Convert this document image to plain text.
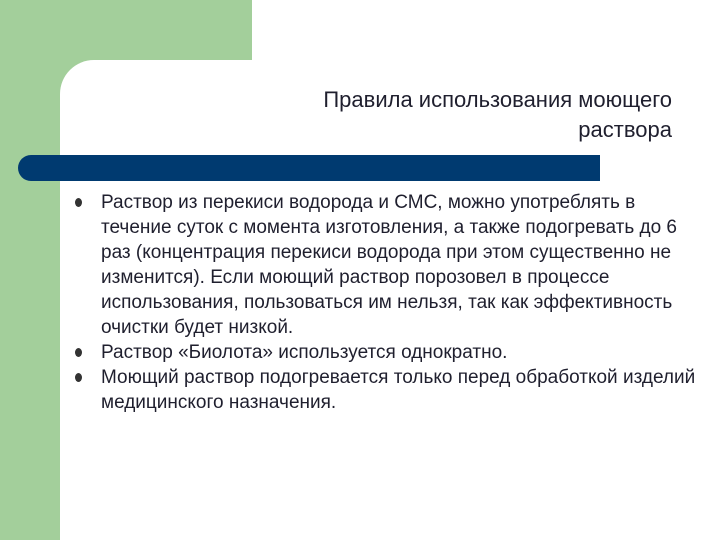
Правила использования моющего
раствора
Раствор из перекиси водорода и СМС, можно употреблять в течение суток с момента изготовления, а также подогревать до 6 раз (концентрация перекиси водорода при этом существенно не изменится). Если моющий раствор порозовел в процессе использования, пользоваться им нельзя, так как эффективность очистки будет низкой.
Раствор «Биолота» используется однократно.
Моющий раствор подогревается только перед обработкой изделий медицинского назначения.
